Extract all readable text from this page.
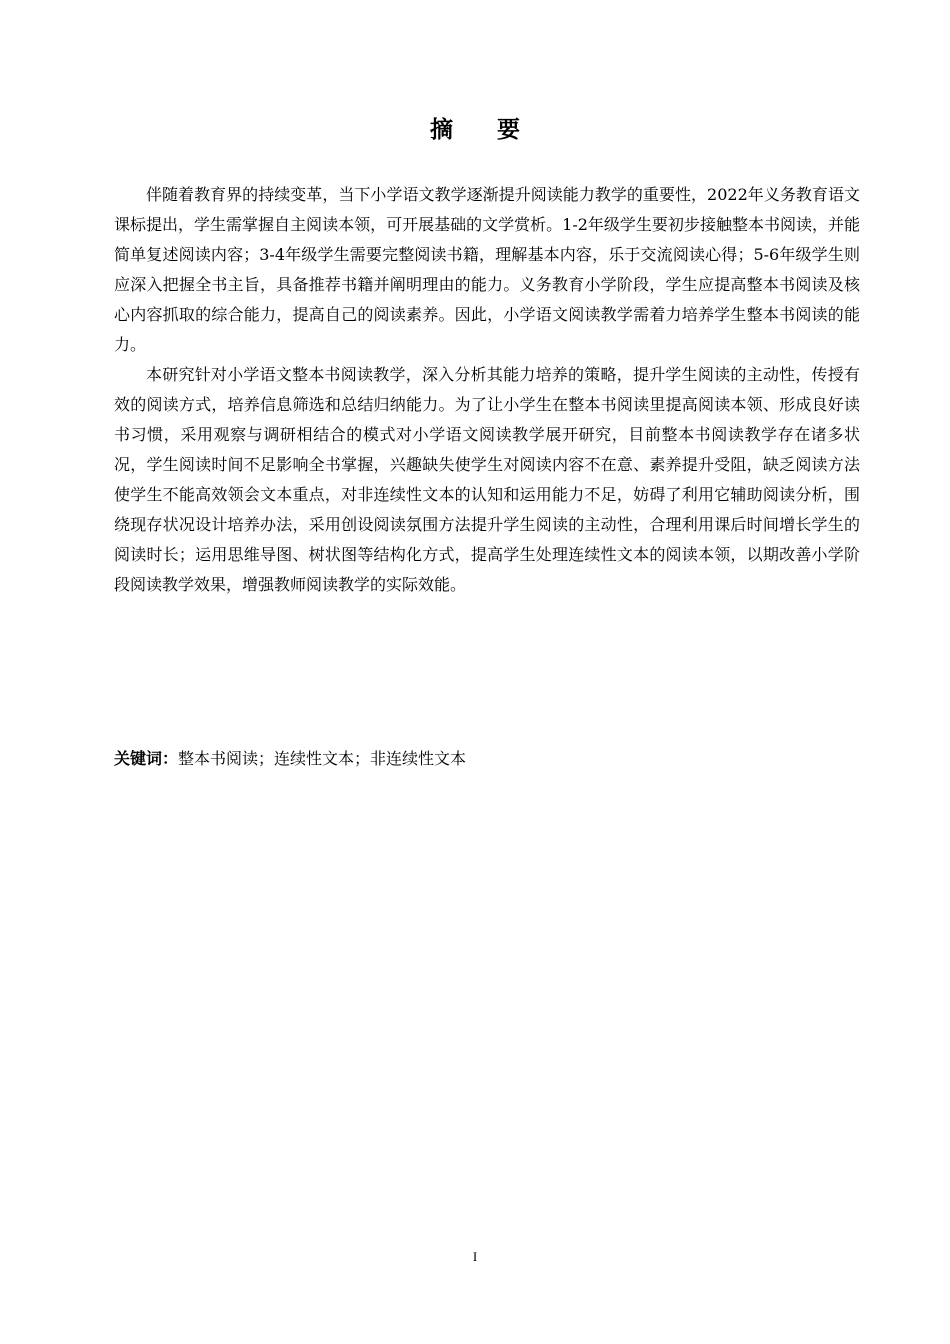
摘 要

伴随着教育界的持续变革，当下小学语文教学逐渐提升阅读能力教学的重要性，2022年义务教育语文课标提出，学生需掌握自主阅读本领，可开展基础的文学赏析。1-2年级学生要初步接触整本书阅读，并能简单复述阅读内容；3-4年级学生需要完整阅读书籍，理解基本内容，乐于交流阅读心得；5-6年级学生则应深入把握全书主旨，具备推荐书籍并阐明理由的能力。义务教育小学阶段，学生应提高整本书阅读及核心内容抓取的综合能力，提高自己的阅读素养。因此，小学语文阅读教学需着力培养学生整本书阅读的能力。

本研究针对小学语文整本书阅读教学，深入分析其能力培养的策略，提升学生阅读的主动性，传授有效的阅读方式，培养信息筛选和总结归纳能力。为了让小学生在整本书阅读里提高阅读本领、形成良好读书习惯，采用观察与调研相结合的模式对小学语文阅读教学展开研究，目前整本书阅读教学存在诸多状况，学生阅读时间不足影响全书掌握，兴趣缺失使学生对阅读内容不在意、素养提升受阻，缺乏阅读方法使学生不能高效领会文本重点，对非连续性文本的认知和运用能力不足，妨碍了利用它辅助阅读分析，围绕现存状况设计培养办法，采用创设阅读氛围方法提升学生阅读的主动性，合理利用课后时间增长学生的阅读时长；运用思维导图、树状图等结构化方式，提高学生处理连续性文本的阅读本领，以期改善小学阶段阅读教学效果，增强教师阅读教学的实际效能。

关键词：整本书阅读；连续性文本；非连续性文本
I
